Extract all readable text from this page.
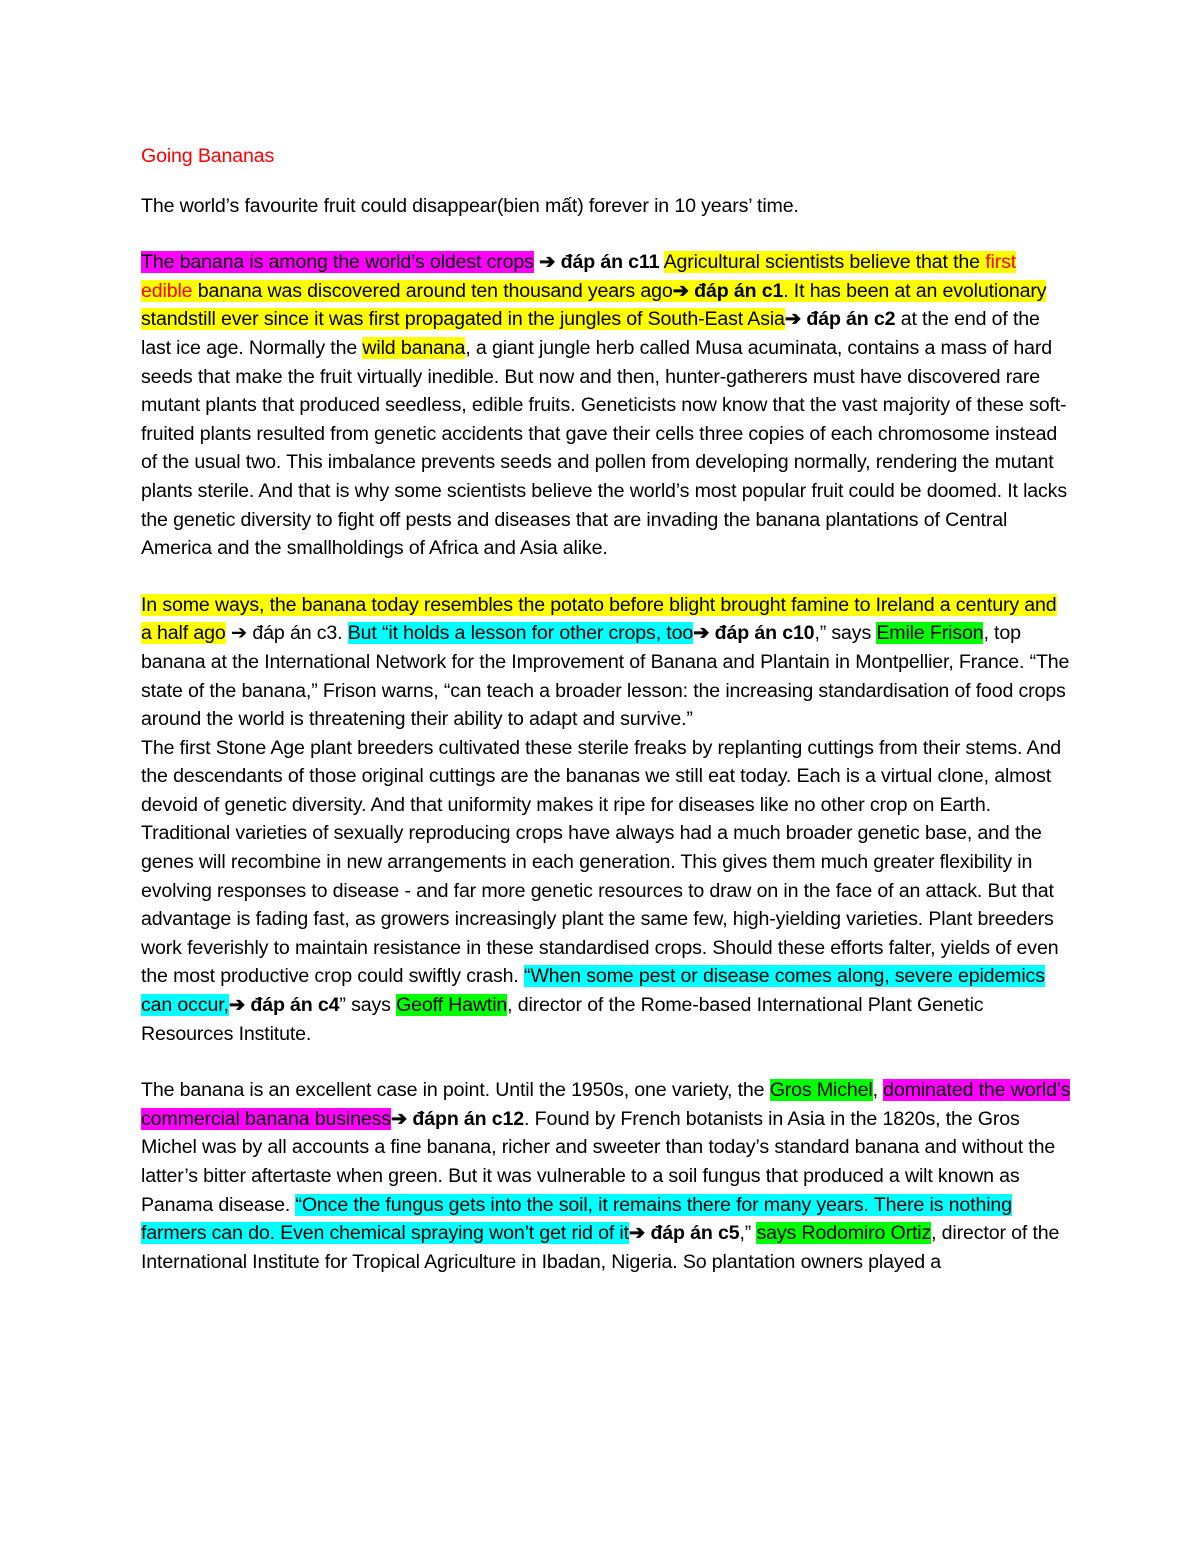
Going Bananas

The world’s favourite fruit could disappear(bien mất) forever in 10 years’ time.

The banana is among the world’s oldest crops ➔ đáp án c11 Agricultural scientists believe that the first edible banana was discovered around ten thousand years ago➔ đáp án c1. It has been at an evolutionary standstill ever since it was first propagated in the jungles of South-East Asia➔ đáp án c2 at the end of the last ice age. Normally the wild banana, a giant jungle herb called Musa acuminata, contains a mass of hard seeds that make the fruit virtually inedible. But now and then, hunter-gatherers must have discovered rare mutant plants that produced seedless, edible fruits. Geneticists now know that the vast majority of these soft-fruited plants resulted from genetic accidents that gave their cells three copies of each chromosome instead of the usual two. This imbalance prevents seeds and pollen from developing normally, rendering the mutant plants sterile. And that is why some scientists believe the world’s most popular fruit could be doomed. It lacks the genetic diversity to fight off pests and diseases that are invading the banana plantations of Central America and the smallholdings of Africa and Asia alike.

In some ways, the banana today resembles the potato before blight brought famine to Ireland a century and a half ago ➔ đáp án c3. But “it holds a lesson for other crops, too➔ đáp án c10,” says Emile Frison, top banana at the International Network for the Improvement of Banana and Plantain in Montpellier, France. “The state of the banana,” Frison warns, “can teach a broader lesson: the increasing standardisation of food crops around the world is threatening their ability to adapt and survive.”

The first Stone Age plant breeders cultivated these sterile freaks by replanting cuttings from their stems. And the descendants of those original cuttings are the bananas we still eat today. Each is a virtual clone, almost devoid of genetic diversity. And that uniformity makes it ripe for diseases like no other crop on Earth. Traditional varieties of sexually reproducing crops have always had a much broader genetic base, and the genes will recombine in new arrangements in each generation. This gives them much greater flexibility in evolving responses to disease - and far more genetic resources to draw on in the face of an attack. But that advantage is fading fast, as growers increasingly plant the same few, high-yielding varieties. Plant breeders work feverishly to maintain resistance in these standardised crops. Should these efforts falter, yields of even the most productive crop could swiftly crash. “When some pest or disease comes along, severe epidemics can occur,➔ đáp án c4” says Geoff Hawtin, director of the Rome-based International Plant Genetic Resources Institute.

The banana is an excellent case in point. Until the 1950s, one variety, the Gros Michel, dominated the world’s commercial banana business➔ đápn án c12. Found by French botanists in Asia in the 1820s, the Gros Michel was by all accounts a fine banana, richer and sweeter than today’s standard banana and without the latter’s bitter aftertaste when green. But it was vulnerable to a soil fungus that produced a wilt known as Panama disease. “Once the fungus gets into the soil, it remains there for many years. There is nothing farmers can do. Even chemical spraying won’t get rid of it➔ đáp án c5,” says Rodomiro Ortiz, director of the International Institute for Tropical Agriculture in Ibadan, Nigeria. So plantation owners played a
